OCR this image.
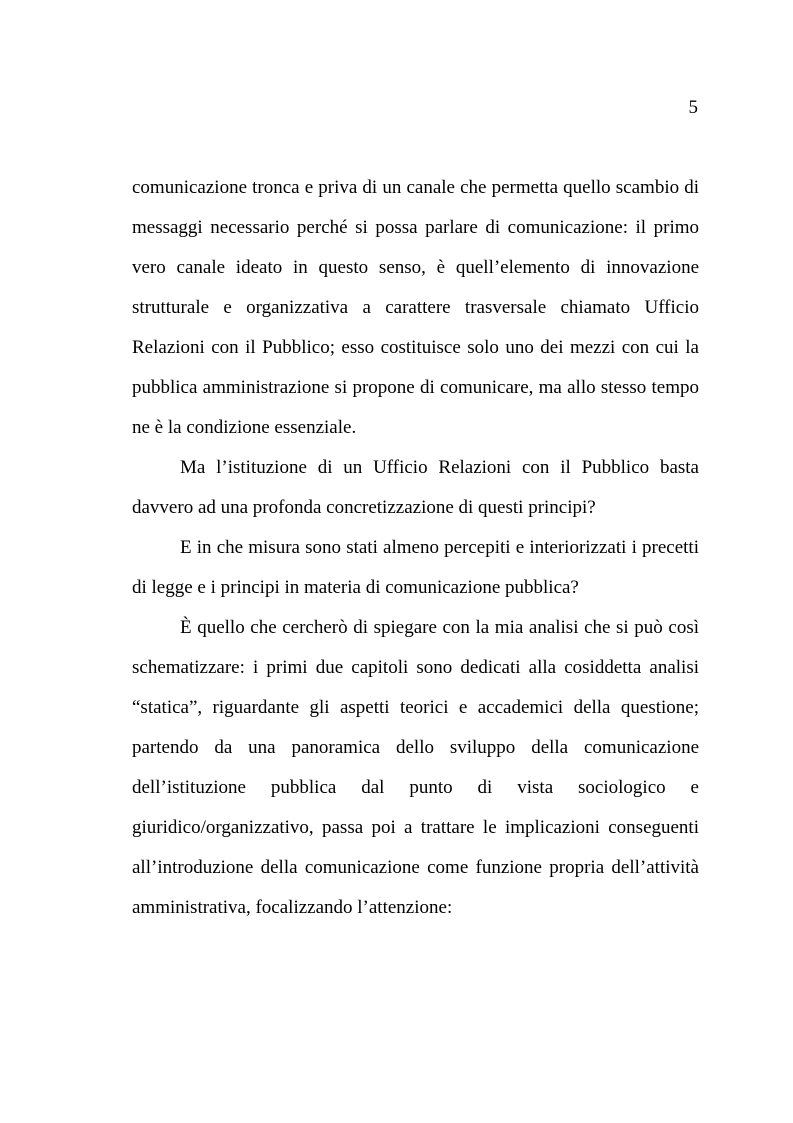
5

comunicazione tronca e priva di un canale che permetta quello scambio di messaggi necessario perché si possa parlare di comunicazione: il primo vero canale ideato in questo senso, è quell’elemento di innovazione strutturale e organizzativa a carattere trasversale chiamato Ufficio Relazioni con il Pubblico; esso costituisce solo uno dei mezzi con cui la pubblica amministrazione si propone di comunicare, ma allo stesso tempo ne è la condizione essenziale.

Ma l’istituzione di un Ufficio Relazioni con il Pubblico basta davvero ad una profonda concretizzazione di questi principi?

E in che misura sono stati almeno percepiti e interiorizzati i precetti di legge e i principi in materia di comunicazione pubblica?

È quello che cercherò di spiegare con la mia analisi che si può così schematizzare: i primi due capitoli sono dedicati alla cosiddetta analisi “statica”, riguardante gli aspetti teorici e accademici della questione; partendo da una panoramica dello sviluppo della comunicazione dell’istituzione pubblica dal punto di vista sociologico e giuridico/organizzativo, passa poi a trattare le implicazioni conseguenti all’introduzione della comunicazione come funzione propria dell’attività amministrativa, focalizzando l’attenzione:
